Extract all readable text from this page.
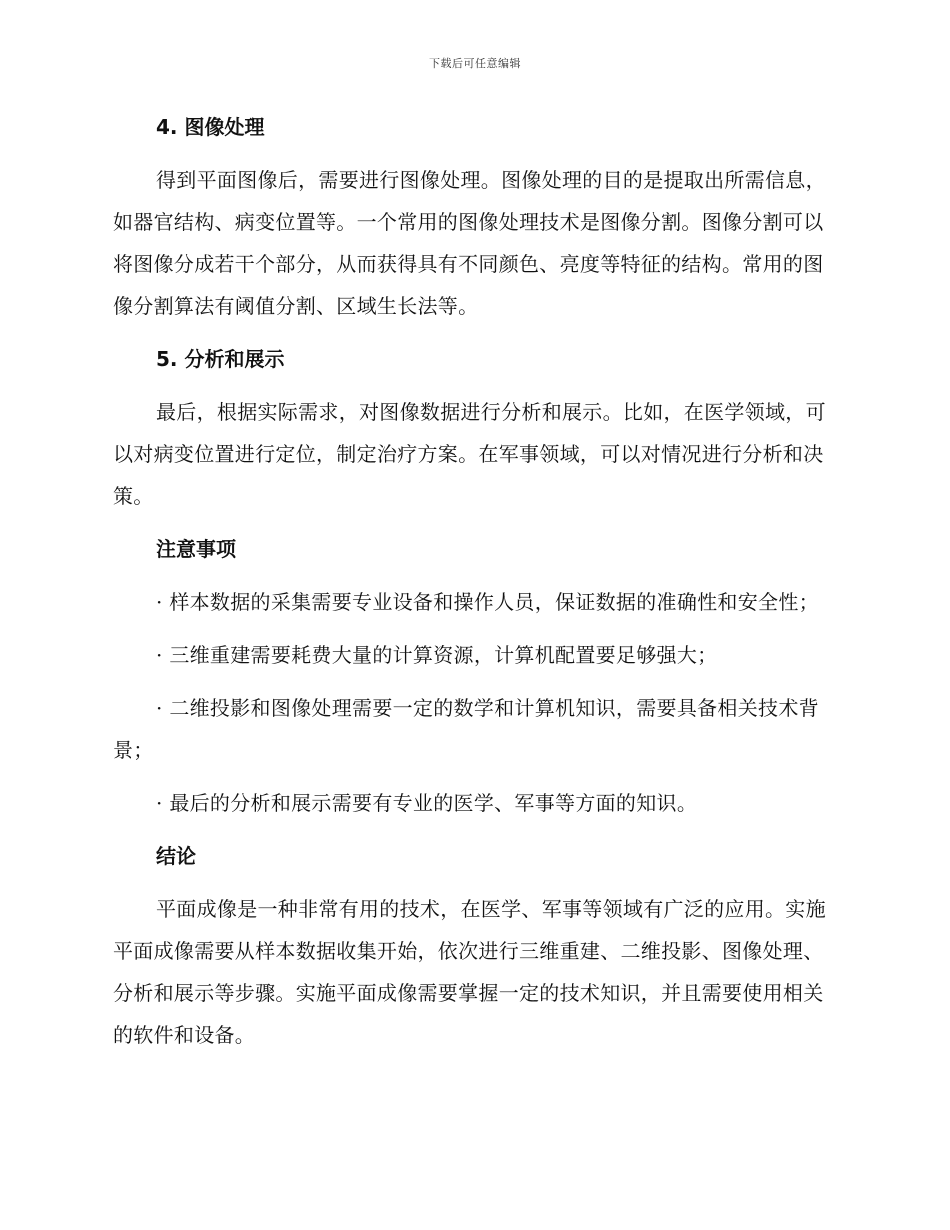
下载后可任意编辑

4. 图像处理

得到平面图像后，需要进行图像处理。图像处理的目的是提取出所需信息，如器官结构、病变位置等。一个常用的图像处理技术是图像分割。图像分割可以将图像分成若干个部分，从而获得具有不同颜色、亮度等特征的结构。常用的图像分割算法有阈值分割、区域生长法等。

5. 分析和展示

最后，根据实际需求，对图像数据进行分析和展示。比如，在医学领域，可以对病变位置进行定位，制定治疗方案。在军事领域，可以对情况进行分析和决策。

注意事项

· 样本数据的采集需要专业设备和操作人员，保证数据的准确性和安全性；

· 三维重建需要耗费大量的计算资源，计算机配置要足够强大；

· 二维投影和图像处理需要一定的数学和计算机知识，需要具备相关技术背景；

· 最后的分析和展示需要有专业的医学、军事等方面的知识。

结论

平面成像是一种非常有用的技术，在医学、军事等领域有广泛的应用。实施平面成像需要从样本数据收集开始，依次进行三维重建、二维投影、图像处理、分析和展示等步骤。实施平面成像需要掌握一定的技术知识，并且需要使用相关的软件和设备。
